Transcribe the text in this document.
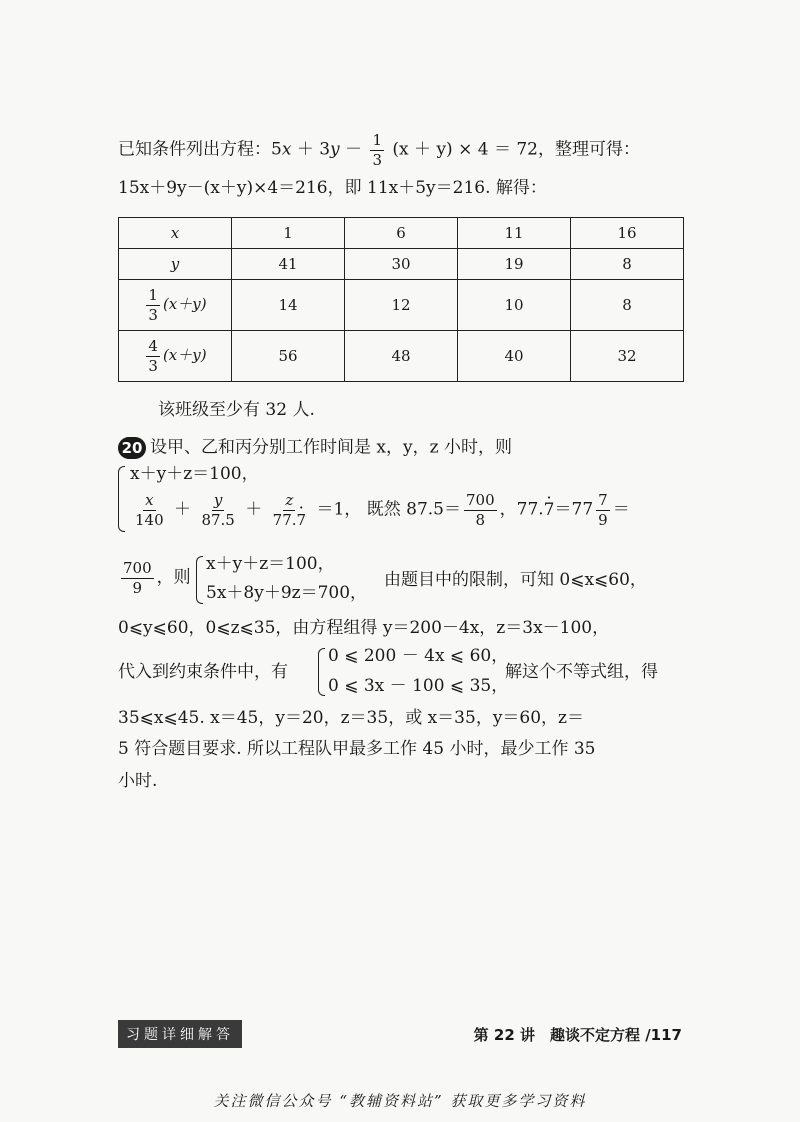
已知条件列出方程：$5x + 3y - \frac{1}{3} (x + y) \times 4 = 72$，整理可得：
15x＋9y－(x＋y)×4＝216，即 11x＋5y＝216. 解得：
x	1	6	11	16
y	41	30	19	8

$\frac{1}{3} (x+y)$	14	12	10	8

$\frac{4}{3} (x+y)$	56	48	40	32
该班级至少有 32 人.
20 设甲、乙和丙分别工作时间是 x，y，z 小时，则
x＋y＋z＝100，
$\frac{x}{140} + \frac{y}{87.5} + \frac{z}{77.\cdot 7} =1$， 既然 $87.5= \frac{700}{8}$ ，$77.\cdot 7=77 \frac{7}{9}$ ＝
$\frac{700}{9}$ ，则
x＋y＋z＝100，
5x＋8y＋9z＝700，
由题目中的限制，可知 0⩽x⩽60，
0⩽y⩽60，0⩽z⩽35，由方程组得 y＝200－4x，z＝3x－100，
代入到约束条件中，有
0 ⩽ 200 － 4x ⩽ 60，
0 ⩽ 3x － 100 ⩽ 35，
解这个不等式组，得
35⩽x⩽45. x＝45，y＝20，z＝35，或 x＝35，y＝60，z＝
5 符合题目要求. 所以工程队甲最多工作 45 小时，最少工作 35
小时.
习题详细解答	第 22 讲　趣谈不定方程 /117
关注微信公众号 “教辅资料站” 获取更多学习资料
